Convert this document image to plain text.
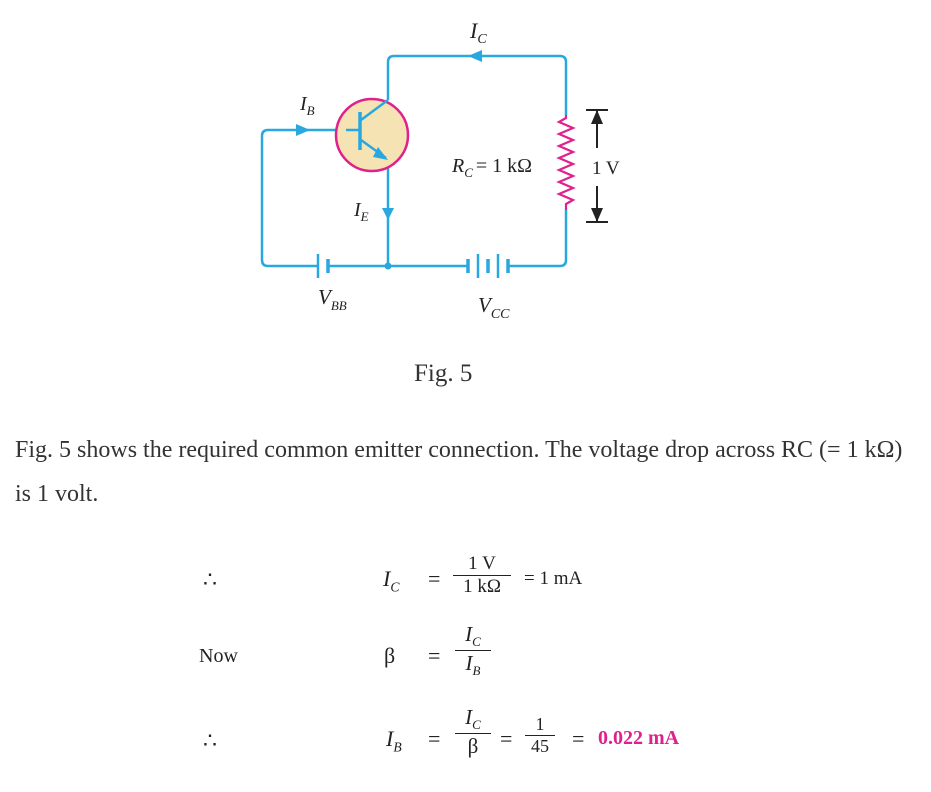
$I_C$
$I_B$
$I_E$
$R_C = 1$ kΩ	1 V
$V_{BB}$	$V_{CC}$
Fig. 5
Fig. 5 shows the required common emitter connection. The voltage drop across RC (= 1 kΩ) is 1 volt.
∴	$I_C$ =
1 V
1 kΩ	= 1 mA
Now	β =
$I_C$
$I_B$
∴	$I_B$ =
$I_C$
β =
1
45 = 0.022 mA
